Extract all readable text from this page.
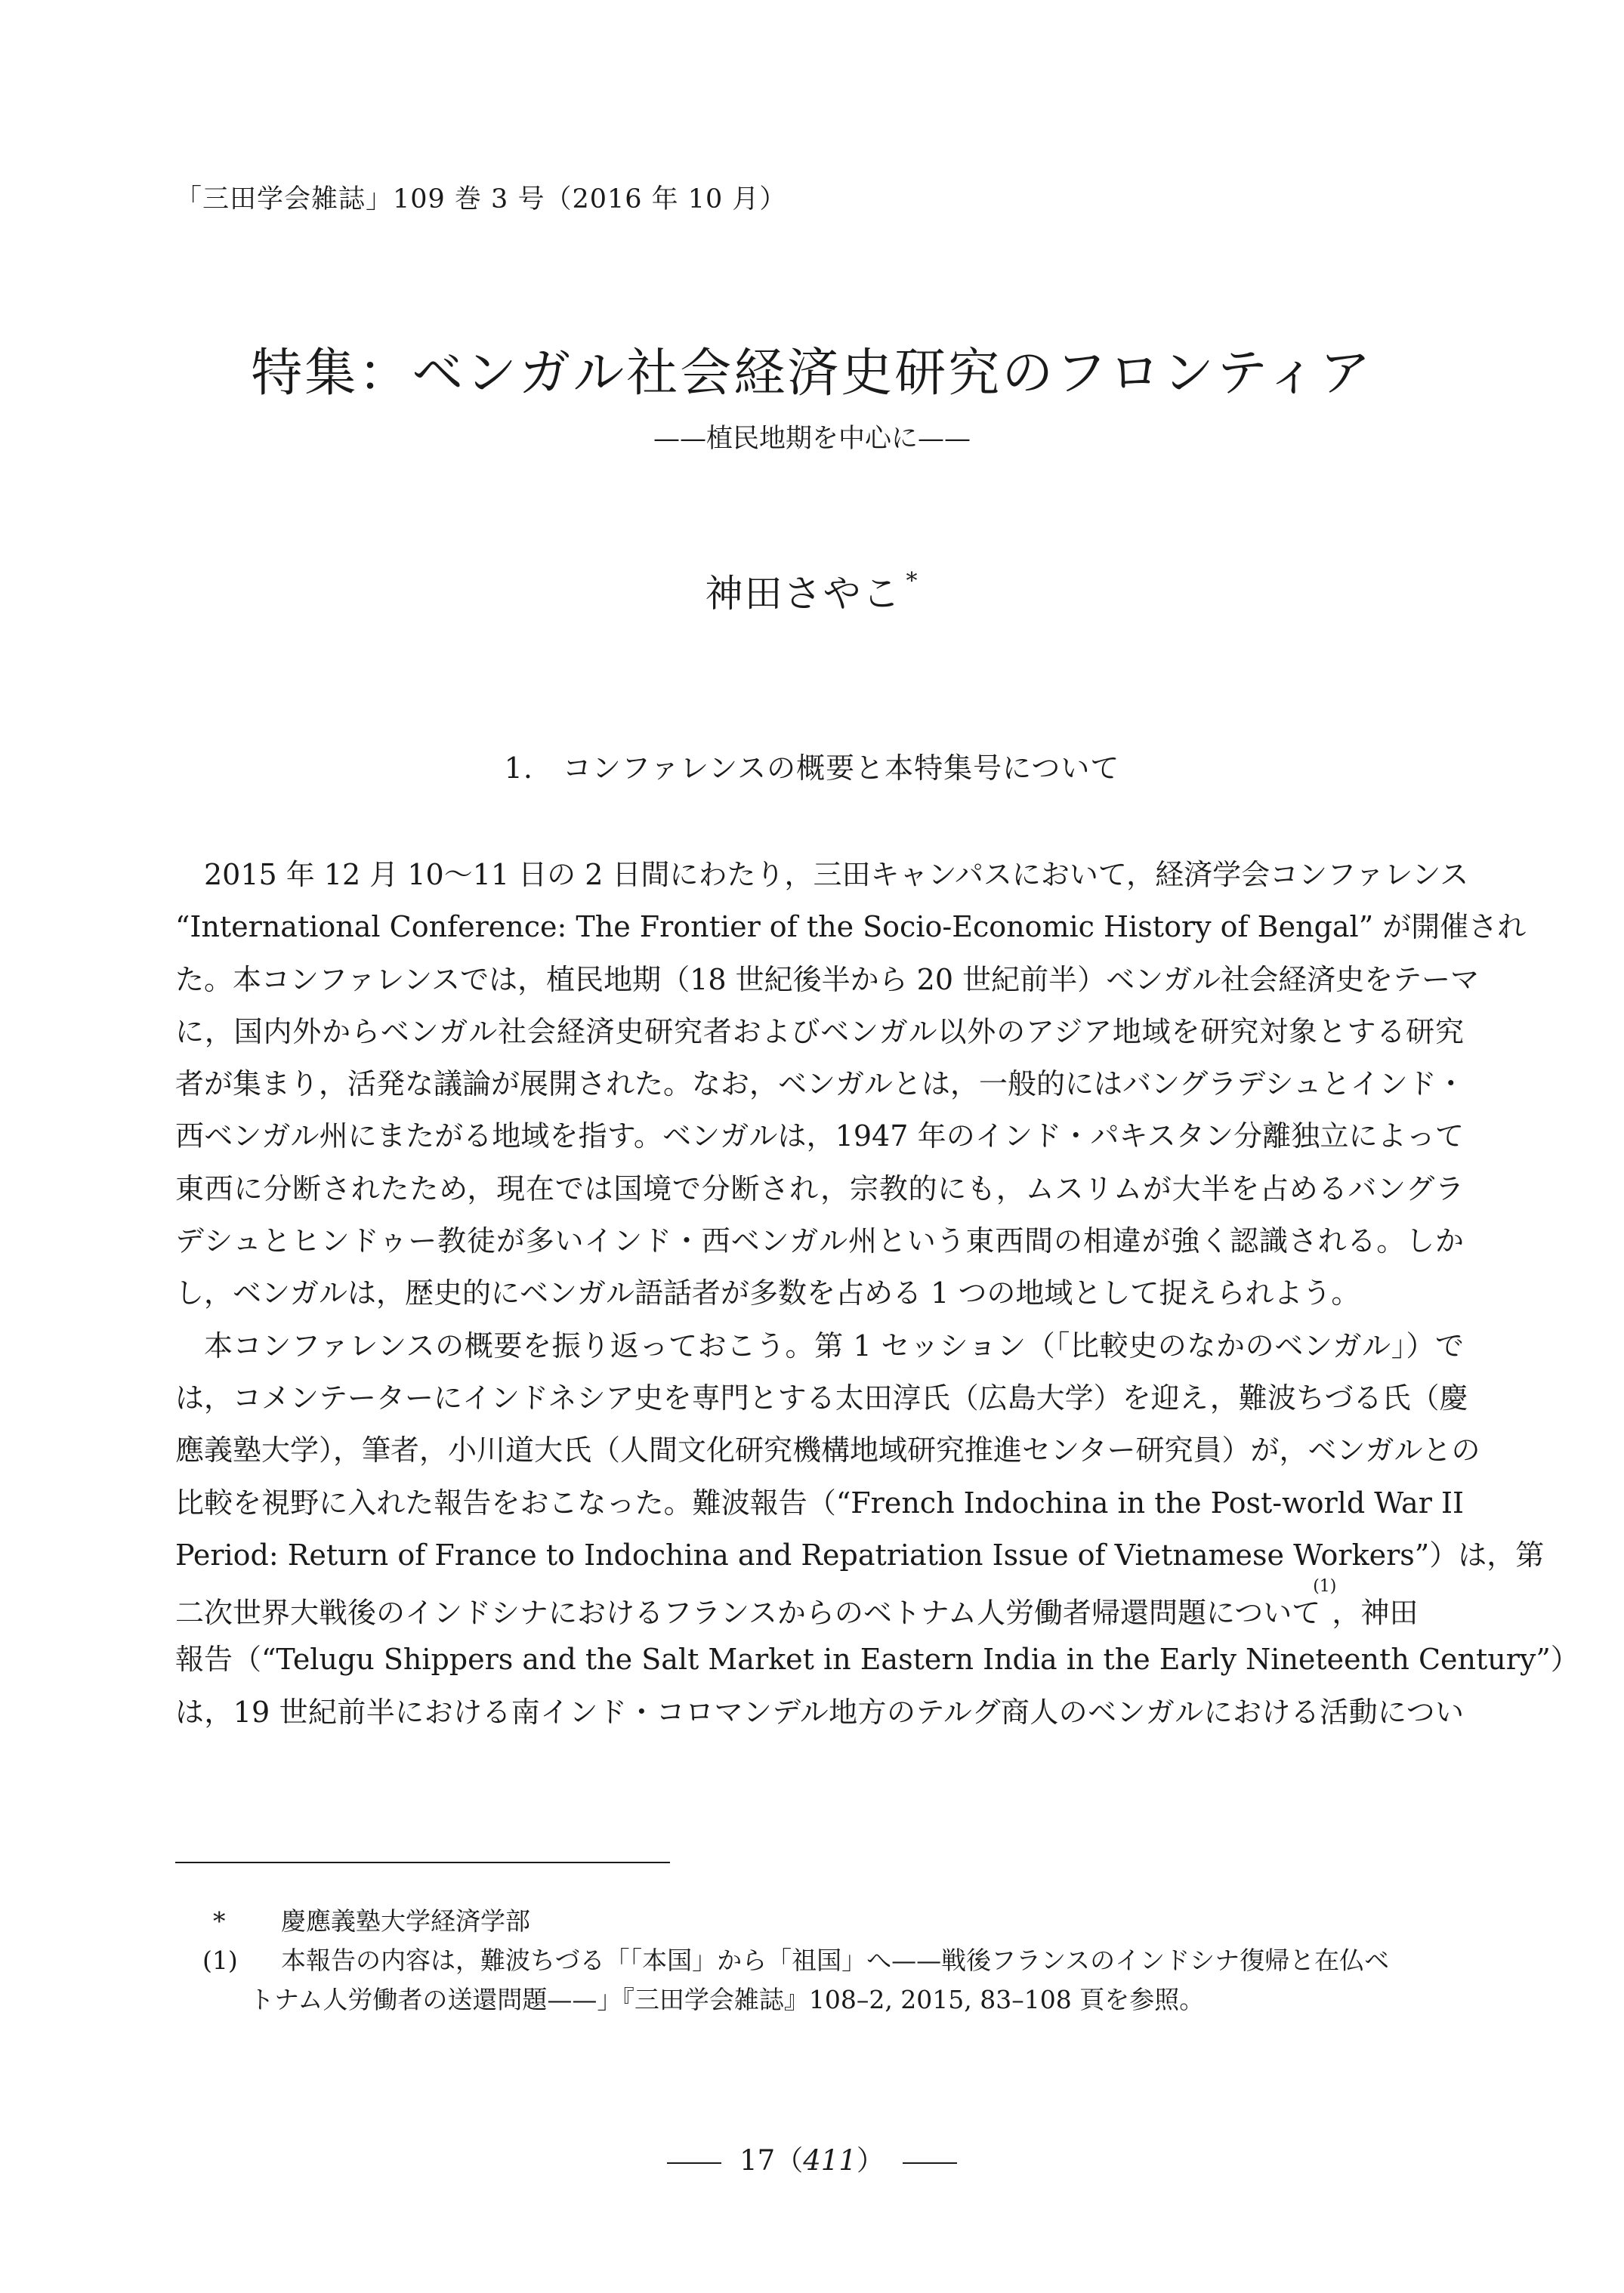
「三田学会雑誌」109 巻 3 号（2016 年 10 月）
特集：ベンガル社会経済史研究のフロンティア
——植民地期を中心に——
神田さやこ *
1.　コンファレンスの概要と本特集号について
2015 年 12 月 10～11 日の 2 日間にわたり，三田キャンパスにおいて，経済学会コンファレンス
“International Conference: The Frontier of the Socio-Economic History of Bengal” が開催され
た。本コンファレンスでは，植民地期（18 世紀後半から 20 世紀前半）ベンガル社会経済史をテーマ
に，国内外からベンガル社会経済史研究者およびベンガル以外のアジア地域を研究対象とする研究
者が集まり，活発な議論が展開された。なお，ベンガルとは，一般的にはバングラデシュとインド・
西ベンガル州にまたがる地域を指す。ベンガルは，1947 年のインド・パキスタン分離独立によって
東西に分断されたため，現在では国境で分断され，宗教的にも，ムスリムが大半を占めるバングラ
デシュとヒンドゥー教徒が多いインド・西ベンガル州という東西間の相違が強く認識される。しか
し，ベンガルは，歴史的にベンガル語話者が多数を占める 1 つの地域として捉えられよう。
本コンファレンスの概要を振り返っておこう。第 1 セッション（「比較史のなかのベンガル」）で
は，コメンテーターにインドネシア史を専門とする太田淳氏（広島大学）を迎え，難波ちづる氏（慶
應義塾大学），筆者，小川道大氏（人間文化研究機構地域研究推進センター研究員）が，ベンガルとの
比較を視野に入れた報告をおこなった。難波報告（“French Indochina in the Post-world War II
Period: Return of France to Indochina and Repatriation Issue of Vietnamese Workers”）は，第
二次世界大戦後のインドシナにおけるフランスからのベトナム人労働者帰還問題について$^{(1)}$，神田
報告（“Telugu Shippers and the Salt Market in Eastern India in the Early Nineteenth Century”）
は，19 世紀前半における南インド・コロマンデル地方のテルグ商人のベンガルにおける活動につい
*	慶應義塾大学経済学部
(1) 本報告の内容は，難波ちづる「「本国」から「祖国」へ——戦後フランスのインドシナ復帰と在仏ベ
トナム人労働者の送還問題——」『三田学会雑誌』108–2, 2015, 83–108 頁を参照。
17（411）
